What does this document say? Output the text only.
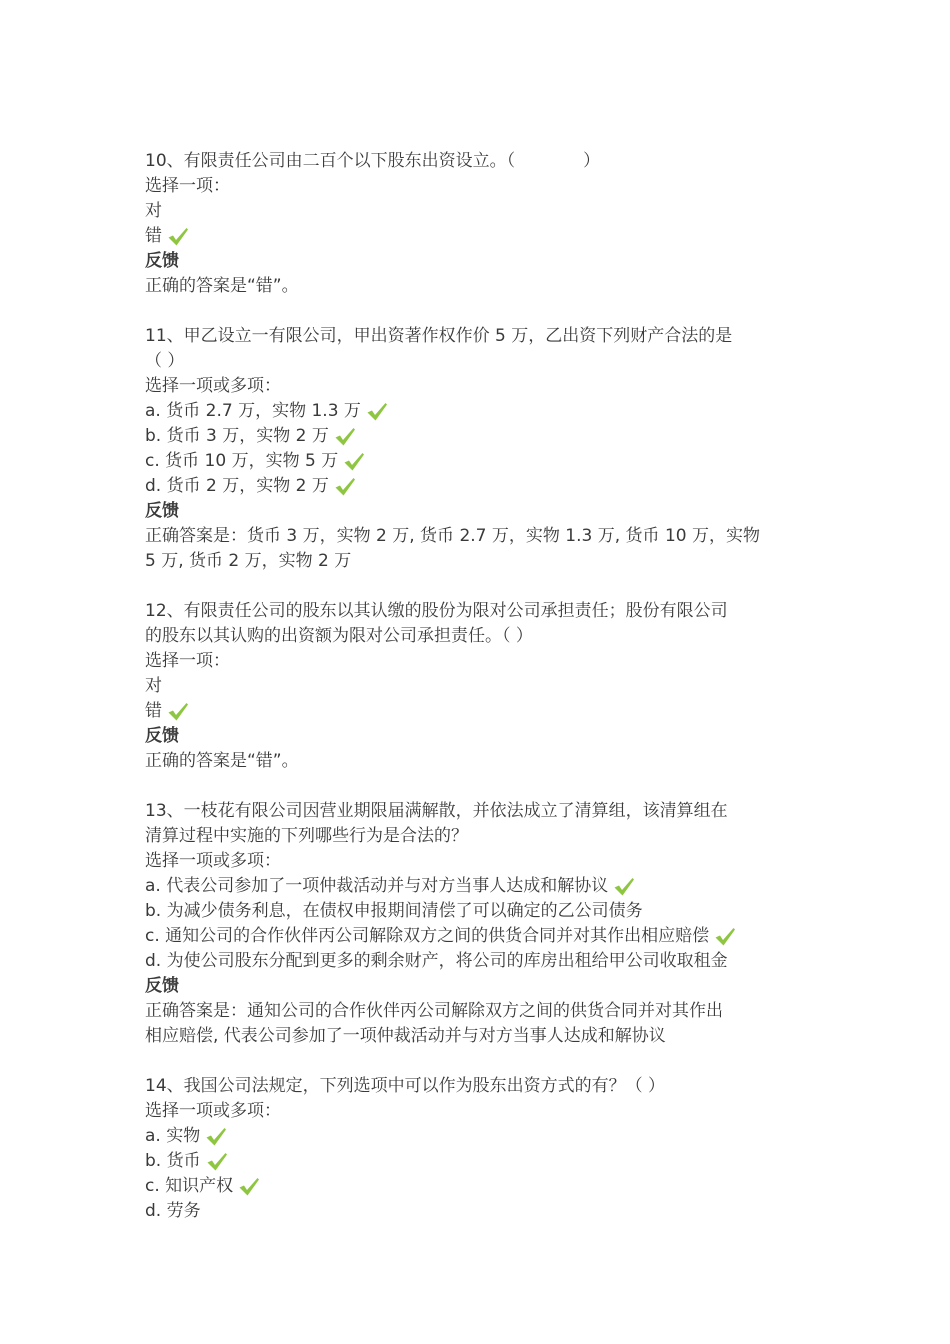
10、有限责任公司由二百个以下股东出资设立。（　　　　）
选择一项：
对
错
反馈
正确的答案是“错”。
11、甲乙设立一有限公司，甲出资著作权作价 5 万，乙出资下列财产合法的是
（ ）
选择一项或多项：
a. 货币 2.7 万，实物 1.3 万
b. 货币 3 万，实物 2 万
c. 货币 10 万，实物 5 万
d. 货币 2 万，实物 2 万
反馈
正确答案是：货币 3 万，实物 2 万, 货币 2.7 万，实物 1.3 万, 货币 10 万，实物
5 万, 货币 2 万，实物 2 万
12、有限责任公司的股东以其认缴的股份为限对公司承担责任；股份有限公司
的股东以其认购的出资额为限对公司承担责任。（ ）
选择一项：
对
错
反馈
正确的答案是“错”。
13、一枝花有限公司因营业期限届满解散，并依法成立了清算组，该清算组在
清算过程中实施的下列哪些行为是合法的？
选择一项或多项：
a. 代表公司参加了一项仲裁活动并与对方当事人达成和解协议
b. 为减少债务利息，在债权申报期间清偿了可以确定的乙公司债务
c. 通知公司的合作伙伴丙公司解除双方之间的供货合同并对其作出相应赔偿
d. 为使公司股东分配到更多的剩余财产，将公司的库房出租给甲公司收取租金
反馈
正确答案是：通知公司的合作伙伴丙公司解除双方之间的供货合同并对其作出
相应赔偿, 代表公司参加了一项仲裁活动并与对方当事人达成和解协议
14、我国公司法规定，下列选项中可以作为股东出资方式的有？（ ）
选择一项或多项：
a. 实物
b. 货币
c. 知识产权
d. 劳务
